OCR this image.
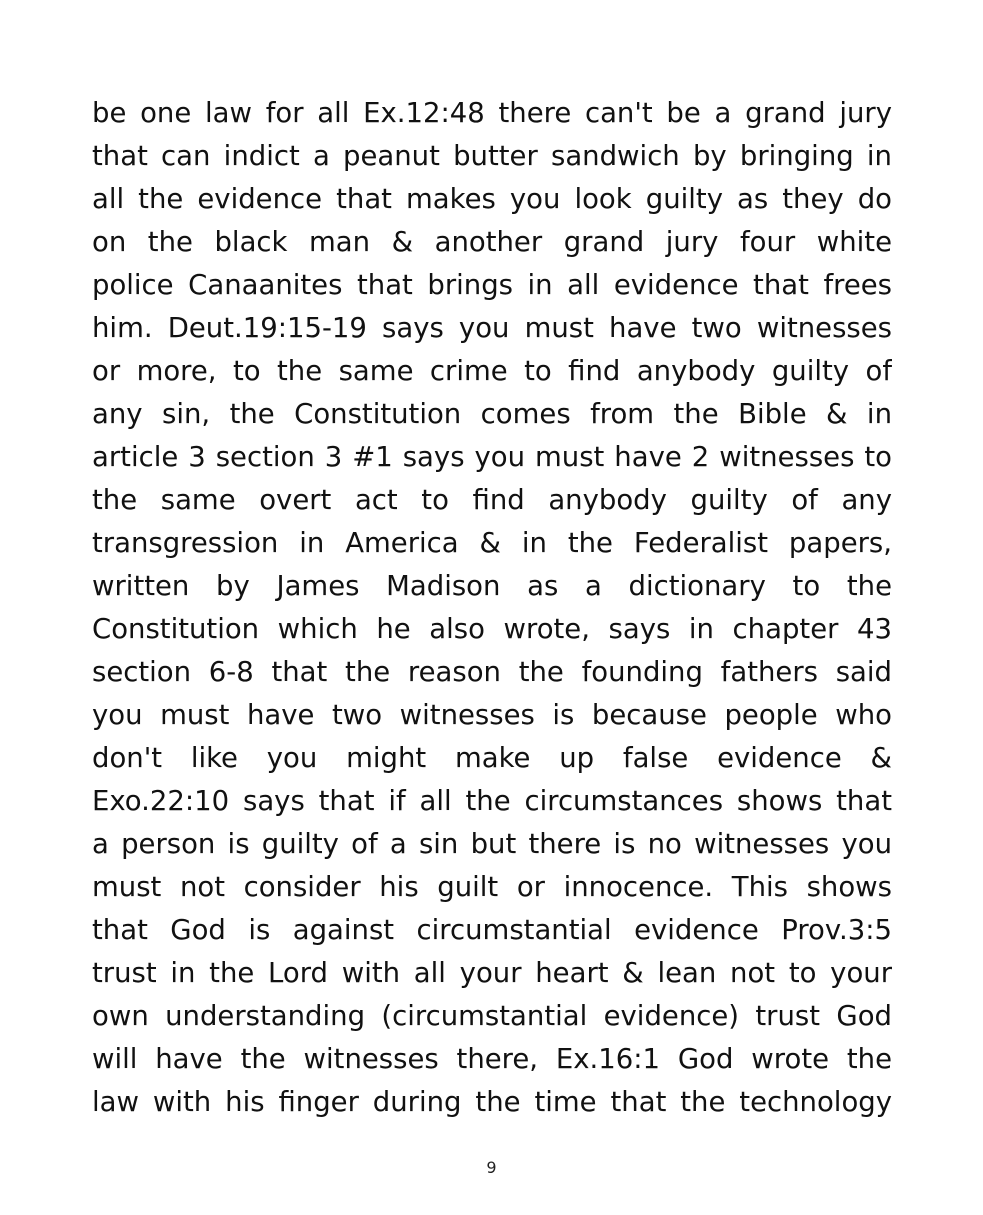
be one law for all Ex.12:48 there can't be a grand jury
that can indict a peanut butter sandwich by bringing in
all the evidence that makes you look guilty as they do
on the black man & another grand jury four white
police Canaanites that brings in all evidence that frees
him. Deut.19:15-19 says you must have two witnesses
or more, to the same crime to find anybody guilty of
any sin, the Constitution comes from the Bible & in
article 3 section 3 #1 says you must have 2 witnesses to
the same overt act to find anybody guilty of any
transgression in America & in the Federalist papers,
written by James Madison as a dictionary to the
Constitution which he also wrote, says in chapter 43
section 6-8 that the reason the founding fathers said
you must have two witnesses is because people who
don't like you might make up false evidence &
Exo.22:10 says that if all the circumstances shows that
a person is guilty of a sin but there is no witnesses you
must not consider his guilt or innocence. This shows
that God is against circumstantial evidence Prov.3:5
trust in the Lord with all your heart & lean not to your
own understanding (circumstantial evidence) trust God
will have the witnesses there, Ex.16:1 God wrote the
law with his finger during the time that the technology
9
